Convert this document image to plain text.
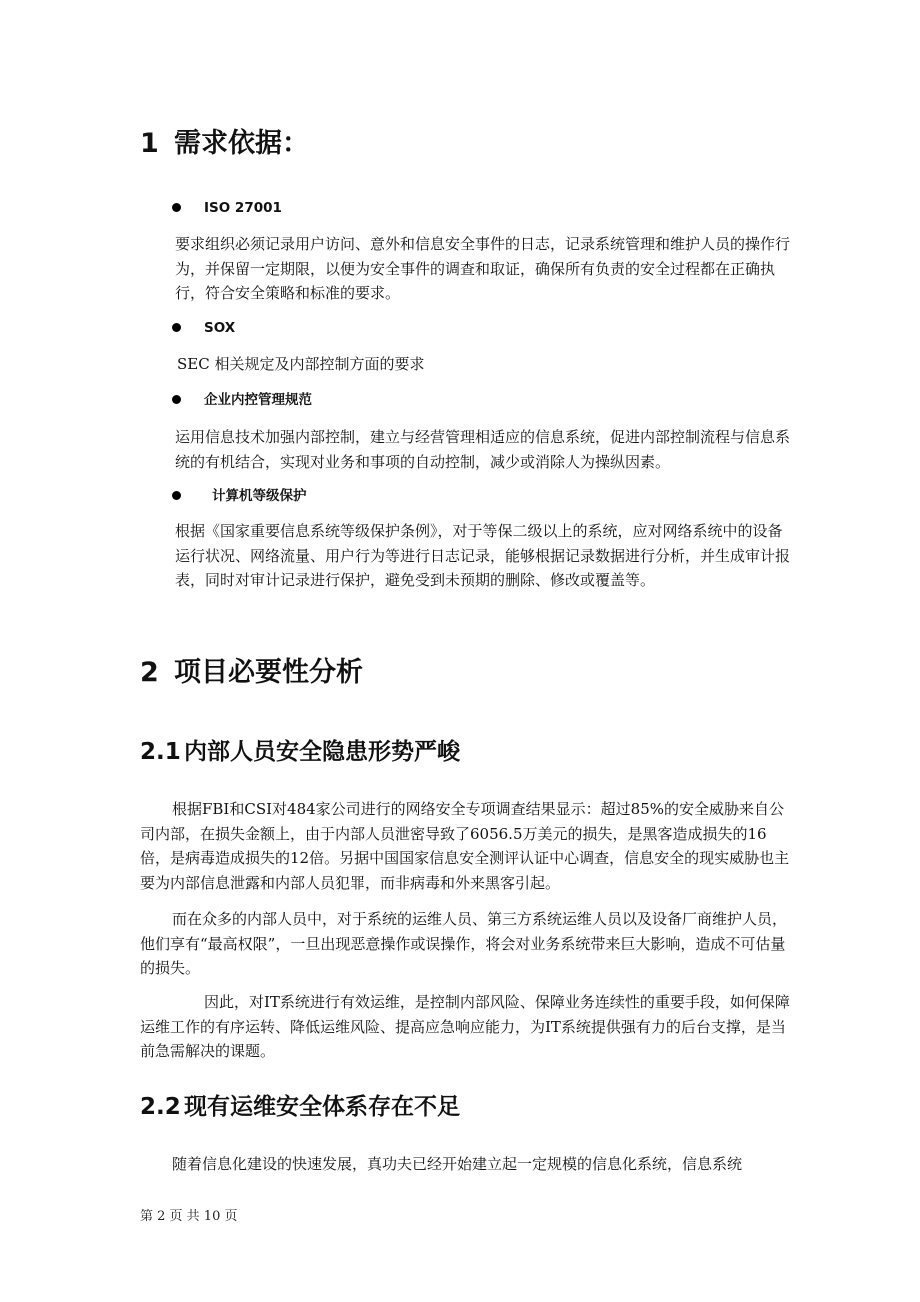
1 需求依据：
ISO 27001

要求组织必须记录用户访问、意外和信息安全事件的日志，记录系统管理和维护人员的操作行为，并保留一定期限，以便为安全事件的调查和取证，确保所有负责的安全过程都在正确执行，符合安全策略和标准的要求。

SOX

SEC 相关规定及内部控制方面的要求

企业内控管理规范

运用信息技术加强内部控制，建立与经营管理相适应的信息系统，促进内部控制流程与信息系统的有机结合，实现对业务和事项的自动控制，减少或消除人为操纵因素。

计算机等级保护

根据《国家重要信息系统等级保护条例》，对于等保二级以上的系统，应对网络系统中的设备运行状况、网络流量、用户行为等进行日志记录，能够根据记录数据进行分析，并生成审计报表，同时对审计记录进行保护，避免受到未预期的删除、修改或覆盖等。

2 项目必要性分析
2.1 内部人员安全隐患形势严峻

根据FBI和CSI对484家公司进行的网络安全专项调查结果显示：超过85%的安全威胁来自公司内部，在损失金额上，由于内部人员泄密导致了6056.5万美元的损失，是黑客造成损失的16倍，是病毒造成损失的12倍。另据中国国家信息安全测评认证中心调查，信息安全的现实威胁也主要为内部信息泄露和内部人员犯罪，而非病毒和外来黑客引起。

而在众多的内部人员中，对于系统的运维人员、第三方系统运维人员以及设备厂商维护人员，他们享有“最高权限”，一旦出现恶意操作或误操作，将会对业务系统带来巨大影响，造成不可估量的损失。

因此，对IT系统进行有效运维，是控制内部风险、保障业务连续性的重要手段，如何保障运维工作的有序运转、降低运维风险、提高应急响应能力，为IT系统提供强有力的后台支撑，是当前急需解决的课题。

2.2 现有运维安全体系存在不足

随着信息化建设的快速发展，真功夫已经开始建立起一定规模的信息化系统，信息系统

第 2 页 共 10 页
